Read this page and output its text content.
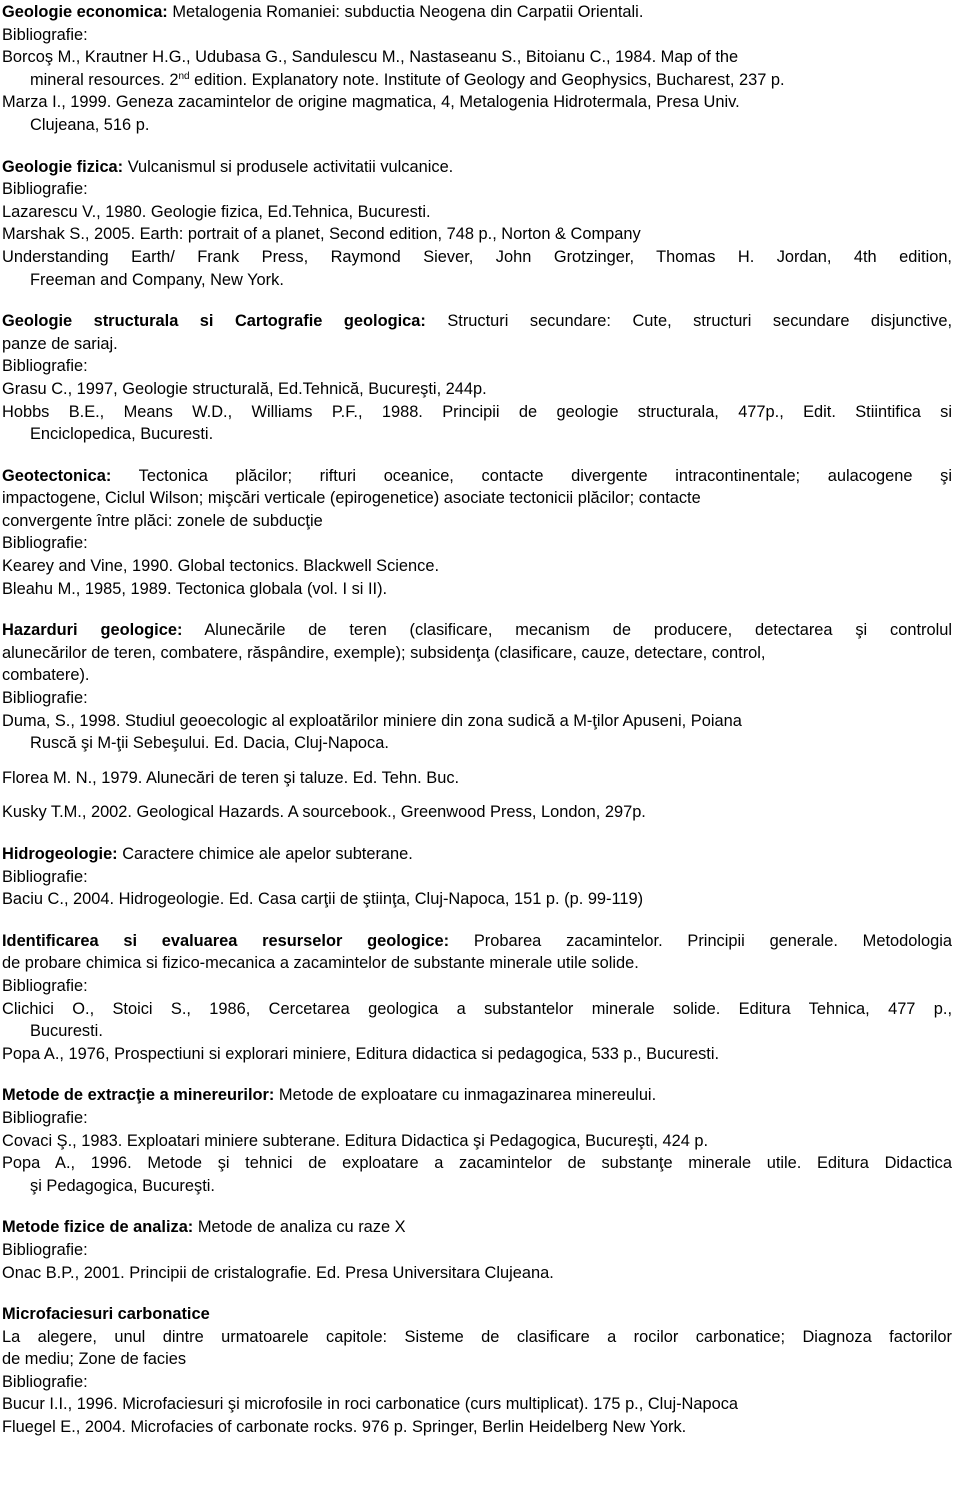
Geologie economica: Metalogenia Romaniei: subductia Neogena din Carpatii Orientali.
Bibliografie:
Borcoş M., Krautner H.G., Udubasa G., Sandulescu M., Nastaseanu S., Bitoianu C., 1984. Map of the
mineral resources. 2nd edition. Explanatory note. Institute of Geology and Geophysics, Bucharest, 237 p.
Marza I., 1999. Geneza zacamintelor de origine magmatica, 4, Metalogenia Hidrotermala, Presa Univ.
Clujeana, 516 p.
Geologie fizica: Vulcanismul si produsele activitatii vulcanice.
Bibliografie:
Lazarescu V., 1980. Geologie fizica, Ed.Tehnica, Bucuresti.
Marshak S., 2005. Earth: portrait of a planet, Second edition, 748 p., Norton & Company
Understanding Earth/ Frank Press, Raymond Siever, John Grotzinger, Thomas H. Jordan, 4th edition,
Freeman and Company, New York.
Geologie structurala si Cartografie geologica: Structuri secundare: Cute, structuri secundare disjunctive,
panze de sariaj.
Bibliografie:
Grasu C., 1997, Geologie structurală, Ed.Tehnică, Bucureşti, 244p.
Hobbs B.E., Means W.D., Williams P.F., 1988. Principii de geologie structurala, 477p., Edit. Stiintifica si
Enciclopedica, Bucuresti.
Geotectonica: Tectonica plăcilor; rifturi oceanice, contacte divergente intracontinentale; aulacogene şi
impactogene, Ciclul Wilson; mişcări verticale (epirogenetice) asociate tectonicii plăcilor; contacte
convergente între plăci: zonele de subducţie
Bibliografie:
Kearey and Vine, 1990. Global tectonics. Blackwell Science.
Bleahu M., 1985, 1989. Tectonica globala (vol. I si II).
Hazarduri geologice: Alunecările de teren (clasificare, mecanism de producere, detectarea şi controlul
alunecărilor de teren, combatere, răspândire, exemple); subsidenţa (clasificare, cauze, detectare, control,
combatere).
Bibliografie:
Duma, S., 1998. Studiul geoecologic al exploatărilor miniere din zona sudică a M-ţilor Apuseni, Poiana
Ruscă şi M-ţii Sebeşului. Ed. Dacia, Cluj-Napoca.
Florea M. N., 1979. Alunecări de teren şi taluze. Ed. Tehn. Buc.
Kusky T.M., 2002. Geological Hazards. A sourcebook., Greenwood Press, London, 297p.
Hidrogeologie: Caractere chimice ale apelor subterane.
Bibliografie:
Baciu C., 2004. Hidrogeologie. Ed. Casa carţii de ştiinţa, Cluj-Napoca, 151 p. (p. 99-119)
Identificarea si evaluarea resurselor geologice: Probarea zacamintelor. Principii generale. Metodologia
de probare chimica si fizico-mecanica a zacamintelor de substante minerale utile solide.
Bibliografie:
Clichici O., Stoici S., 1986, Cercetarea geologica a substantelor minerale solide. Editura Tehnica, 477 p.,
Bucuresti.
Popa A., 1976, Prospectiuni si explorari miniere, Editura didactica si pedagogica, 533 p., Bucuresti.
Metode de extracţie a minereurilor: Metode de exploatare cu inmagazinarea minereului.
Bibliografie:
Covaci Ş., 1983. Exploatari miniere subterane. Editura Didactica şi Pedagogica, Bucureşti, 424 p.
Popa A., 1996. Metode şi tehnici de exploatare a zacamintelor de substanţe minerale utile. Editura Didactica
şi Pedagogica, Bucureşti.
Metode fizice de analiza: Metode de analiza cu raze X
Bibliografie:
Onac B.P., 2001. Principii de cristalografie. Ed. Presa Universitara Clujeana.
Microfaciesuri carbonatice
La alegere, unul dintre urmatoarele capitole: Sisteme de clasificare a rocilor carbonatice; Diagnoza factorilor
de mediu; Zone de facies
Bibliografie:
Bucur I.I., 1996. Microfaciesuri şi microfosile in roci carbonatice (curs multiplicat). 175 p., Cluj-Napoca
Fluegel E., 2004. Microfacies of carbonate rocks. 976 p. Springer, Berlin Heidelberg New York.
